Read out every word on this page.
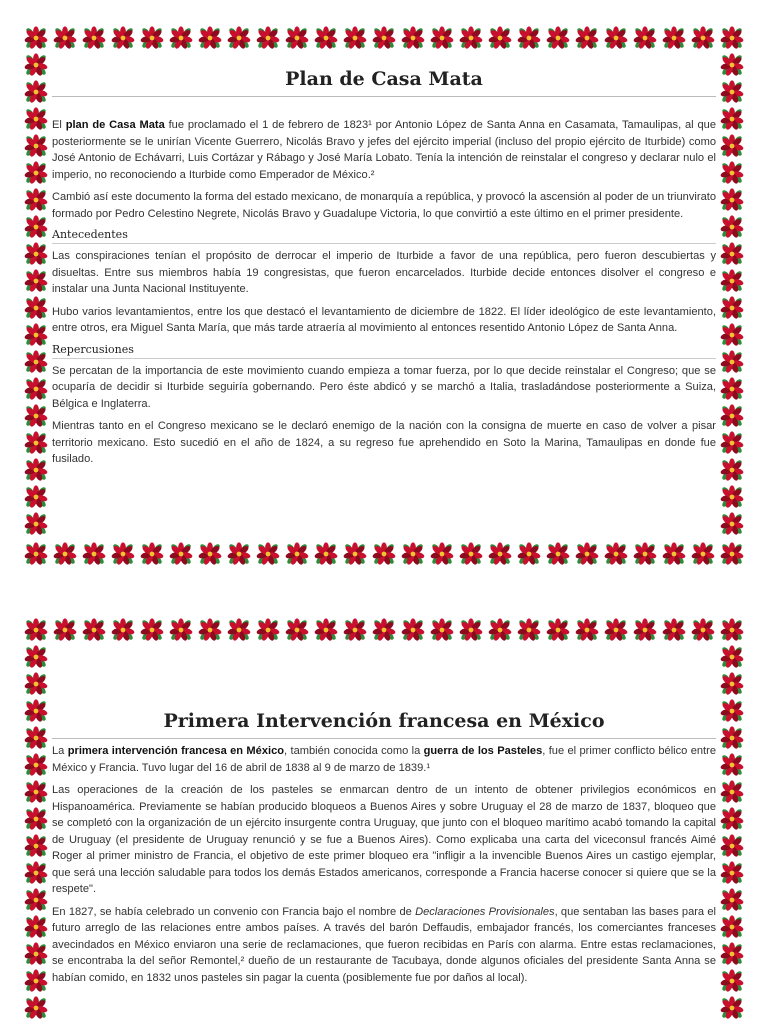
Plan de Casa Mata

El plan de Casa Mata fue proclamado el 1 de febrero de 1823¹ por Antonio López de Santa Anna en Casamata, Tamaulipas, al que posteriormente se le unirían Vicente Guerrero, Nicolás Bravo y jefes del ejército imperial (incluso del propio ejército de Iturbide) como José Antonio de Echávarri, Luis Cortázar y Rábago y José María Lobato. Tenía la intención de reinstalar el congreso y declarar nulo el imperio, no reconociendo a Iturbide como Emperador de México.²

Cambió así este documento la forma del estado mexicano, de monarquía a república, y provocó la ascensión al poder de un triunvirato formado por Pedro Celestino Negrete, Nicolás Bravo y Guadalupe Victoria, lo que convirtió a este último en el primer presidente.

Antecedentes

Las conspiraciones tenían el propósito de derrocar el imperio de Iturbide a favor de una república, pero fueron descubiertas y disueltas. Entre sus miembros había 19 congresistas, que fueron encarcelados. Iturbide decide entonces disolver el congreso e instalar una Junta Nacional Instituyente.

Hubo varios levantamientos, entre los que destacó el levantamiento de diciembre de 1822. El líder ideológico de este levantamiento, entre otros, era Miguel Santa María, que más tarde atraería al movimiento al entonces resentido Antonio López de Santa Anna.

Repercusiones

Se percatan de la importancia de este movimiento cuando empieza a tomar fuerza, por lo que decide reinstalar el Congreso; que se ocuparía de decidir si Iturbide seguiría gobernando. Pero éste abdicó y se marchó a Italia, trasladándose posteriormente a Suiza, Bélgica e Inglaterra.

Mientras tanto en el Congreso mexicano se le declaró enemigo de la nación con la consigna de muerte en caso de volver a pisar territorio mexicano. Esto sucedió en el año de 1824, a su regreso fue aprehendido en Soto la Marina, Tamaulipas en donde fue fusilado.

Primera Intervención francesa en México

La primera intervención francesa en México, también conocida como la guerra de los Pasteles, fue el primer conflicto bélico entre México y Francia. Tuvo lugar del 16 de abril de 1838 al 9 de marzo de 1839.¹

Las operaciones de la creación de los pasteles se enmarcan dentro de un intento de obtener privilegios económicos en Hispanoamérica. Previamente se habían producido bloqueos a Buenos Aires y sobre Uruguay el 28 de marzo de 1837, bloqueo que se completó con la organización de un ejército insurgente contra Uruguay, que junto con el bloqueo marítimo acabó tomando la capital de Uruguay (el presidente de Uruguay renunció y se fue a Buenos Aires). Como explicaba una carta del viceconsul francés Aimé Roger al primer ministro de Francia, el objetivo de este primer bloqueo era "infligir a la invencible Buenos Aires un castigo ejemplar, que será una lección saludable para todos los demás Estados americanos, corresponde a Francia hacerse conocer si quiere que se la respete".

En 1827, se había celebrado un convenio con Francia bajo el nombre de Declaraciones Provisionales, que sentaban las bases para el futuro arreglo de las relaciones entre ambos países. A través del barón Deffaudis, embajador francés, los comerciantes franceses avecindados en México enviaron una serie de reclamaciones, que fueron recibidas en París con alarma. Entre estas reclamaciones, se encontraba la del señor Remontel,² dueño de un restaurante de Tacubaya, donde algunos oficiales del presidente Santa Anna se habían comido, en 1832 unos pasteles sin pagar la cuenta (posiblemente fue por daños al local).
